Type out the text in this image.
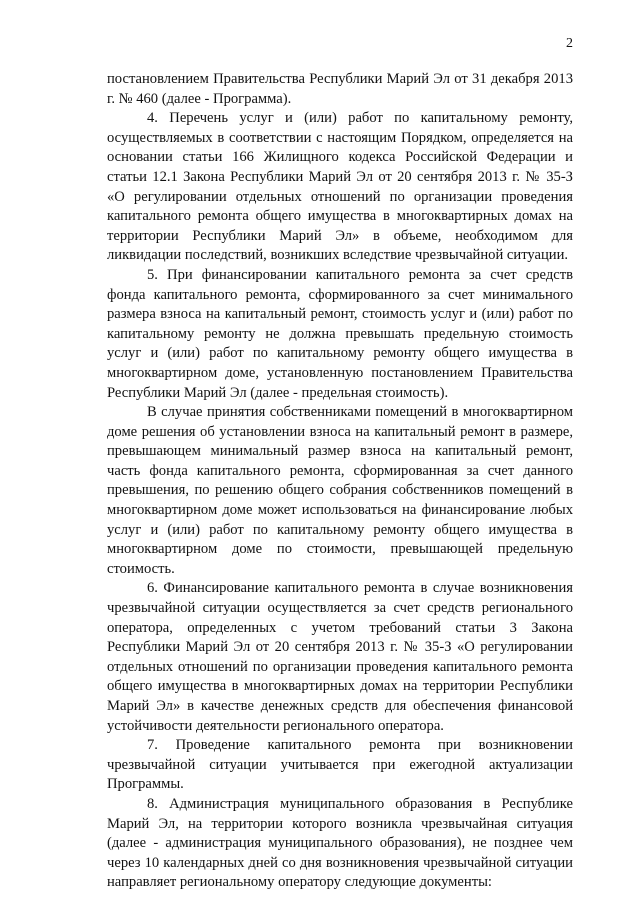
2

постановлением Правительства Республики Марий Эл от 31 декабря 2013 г. № 460 (далее - Программа).

4. Перечень услуг и (или) работ по капитальному ремонту, осуществляемых в соответствии с настоящим Порядком, определяется на основании статьи 166 Жилищного кодекса Российской Федерации и статьи 12.1 Закона Республики Марий Эл от 20 сентября 2013 г. № 35-З «О регулировании отдельных отношений по организации проведения капитального ремонта общего имущества в многоквартирных домах на территории Республики Марий Эл» в объеме, необходимом для ликвидации последствий, возникших вследствие чрезвычайной ситуации.

5. При финансировании капитального ремонта за счет средств фонда капитального ремонта, сформированного за счет минимального размера взноса на капитальный ремонт, стоимость услуг и (или) работ по капитальному ремонту не должна превышать предельную стоимость услуг и (или) работ по капитальному ремонту общего имущества в многоквартирном доме, установленную постановлением Правительства Республики Марий Эл (далее - предельная стоимость).

В случае принятия собственниками помещений в многоквартирном доме решения об установлении взноса на капитальный ремонт в размере, превышающем минимальный размер взноса на капитальный ремонт, часть фонда капитального ремонта, сформированная за счет данного превышения, по решению общего собрания собственников помещений в многоквартирном доме может использоваться на финансирование любых услуг и (или) работ по капитальному ремонту общего имущества в многоквартирном доме по стоимости, превышающей предельную стоимость.

6. Финансирование капитального ремонта в случае возникновения чрезвычайной ситуации осуществляется за счет средств регионального оператора, определенных с учетом требований статьи 3 Закона Республики Марий Эл от 20 сентября 2013 г. № 35-З «О регулировании отдельных отношений по организации проведения капитального ремонта общего имущества в многоквартирных домах на территории Республики Марий Эл» в качестве денежных средств для обеспечения финансовой устойчивости деятельности регионального оператора.

7. Проведение капитального ремонта при возникновении чрезвычайной ситуации учитывается при ежегодной актуализации Программы.

8. Администрация муниципального образования в Республике Марий Эл, на территории которого возникла чрезвычайная ситуация (далее - администрация муниципального образования), не позднее чем через 10 календарных дней со дня возникновения чрезвычайной ситуации направляет региональному оператору следующие документы:
